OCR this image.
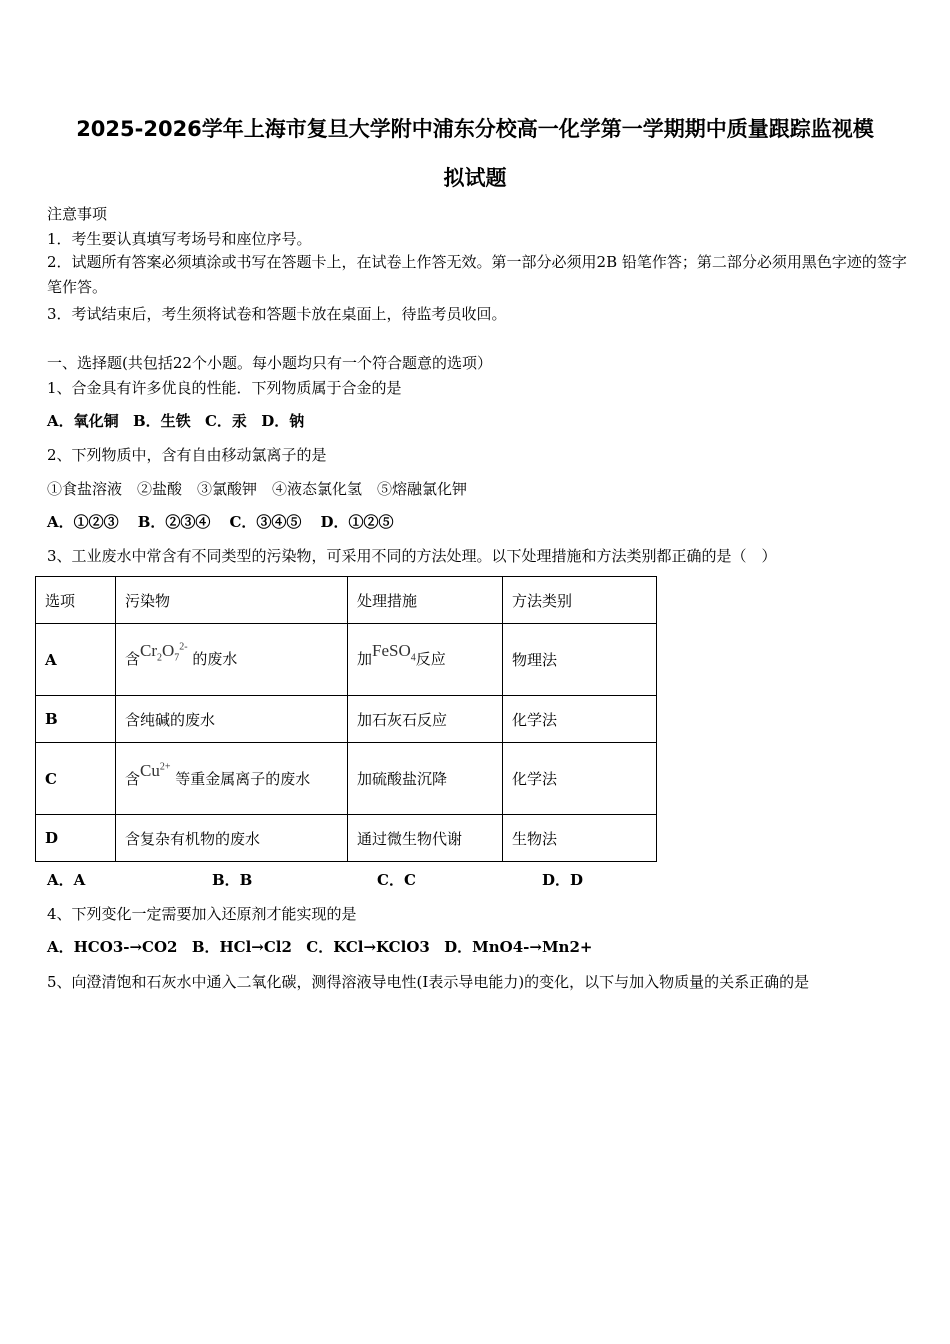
2025-2026学年上海市复旦大学附中浦东分校高一化学第一学期期中质量跟踪监视模
拟试题
注意事项
1．考生要认真填写考场号和座位序号。
2．试题所有答案必须填涂或书写在答题卡上，在试卷上作答无效。第一部分必须用2B 铅笔作答；第二部分必须用黑色字迹的签字笔作答。
3．考试结束后，考生须将试卷和答题卡放在桌面上，待监考员收回。
一、选择题(共包括22个小题。每小题均只有一个符合题意的选项）
1、合金具有许多优良的性能．下列物质属于合金的是
A．氧化铜 B．生铁 C．汞 D．钠
2、下列物质中，含有自由移动氯离子的是
①食盐溶液　②盐酸　③氯酸钾　④液态氯化氢　⑤熔融氯化钾
A．①②③ B．②③④ C．③④⑤ D．①②⑤
3、工业废水中常含有不同类型的污染物，可采用不同的方法处理。以下处理措施和方法类别都正确的是（　）
选项	污染物	处理措施	方法类别
A	含$Cr_2O_7^{2-}$ 的废水	加FeSO$_4$反应	物理法
B	含纯碱的废水	加石灰石反应	化学法
C	含$Cu^{2+}$ 等重金属离子的废水	加硫酸盐沉降	化学法
D	含复杂有机物的废水	通过微生物代谢	生物法
A．A	B．B	C．C	D．D
4、下列变化一定需要加入还原剂才能实现的是
A．HCO3-→CO2 B．HCl→Cl2 C．KCl→KClO3 D．MnO4-→Mn2+
5、向澄清饱和石灰水中通入二氧化碳，测得溶液导电性(I表示导电能力)的变化，以下与加入物质量的关系正确的是
